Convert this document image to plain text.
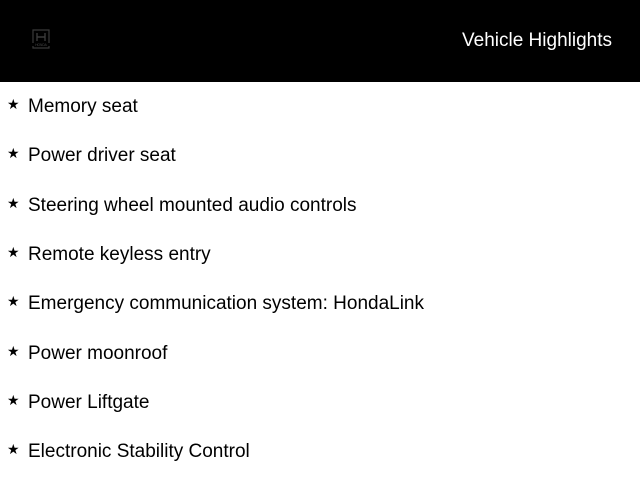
HONDA	Vehicle Highlights
★ Memory seat
★ Power driver seat
★ Steering wheel mounted audio controls
★ Remote keyless entry
★ Emergency communication system: HondaLink
★ Power moonroof
★ Power Liftgate
★ Electronic Stability Control
